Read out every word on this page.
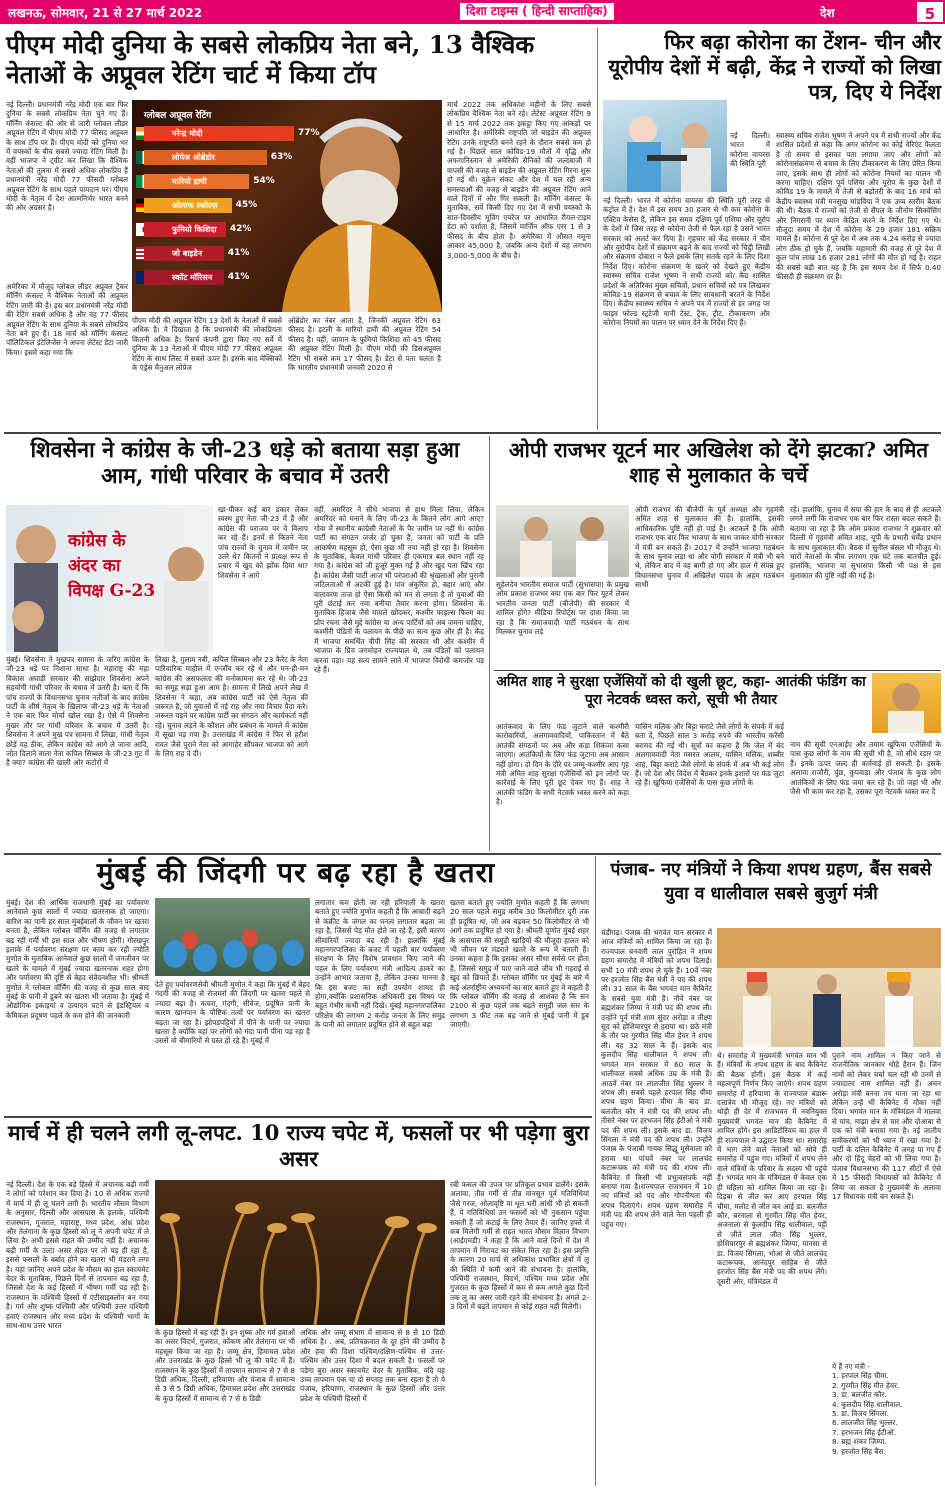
लखनऊ, सोमवार, 21 से 27 मार्च 2022	दिशा टाइम्स ( हिन्दी साप्ताहिक)	देश	5
पीएम मोदी दुनिया के सबसे लोकप्रिय नेता बने, 13 वैश्विक नेताओं के अप्रूवल रेटिंग चार्ट में किया टॉप
नई दिल्ली। प्रधानमंत्री नरेंद्र मोदी एक बार फिर दुनिया के सबसे लोकप्रिय नेता चुने गए हैं। मॉर्निंग कंसल्ट की ओर से जारी ग्लोबल लीडर अप्रूवल रेटिंग में पीएम मोदी 77 फीसद अप्रूवल के साथ टॉप पर हैं। पीएम मोदी को दुनिया भर में वयस्कों के बीच सबसे ज्यादा रेटिंग मिली है। वहीं भाजपा ने ट्वीट कर लिखा कि वैश्विक नेताओं की तुलना में सबसे अधिक लोकप्रिय हैं प्रधानमंत्री नरेंद्र मोदी 77 फीसदी ग्लोबल अप्रूवल रेटिंग के साथ पहले पायदान पर। पीएम मोदी के नेतृत्व में देश आत्मनिर्भर भारत बनने की ओर अग्रसर है।
अमेरिका में मौजूद ग्लोबल लीडर अप्रूवल ट्रैकर मॉर्निंग कंसल्ट ने वैश्विक नेताओं की अप्रूवल रेटिंग जारी की है। इस बार प्रधानमंत्री नरेंद्र मोदी की रेटिंग सबसे अधिक है और वह 77 फीसद अप्रूवल रेटिंग के साथ दुनिया के सबसे लोकप्रिय नेता बने हुए हैं। 18 मार्च को मॉर्निंग कंसल्ट पॉलिटिकल इंटेलिजेंस ने अपना लेटेस्ट डेटा जारी किया। इसमें कहा गया कि
ग्लोबल अप्रूवल रेटिंग
नरेन्द्र मोदी	77%
लोपेज ओब्रेडोर	63%
मारियो द्राघी	54%
ओलाफ स्कोल्ज़	45%
फुमियो किशिदा	42%
जो बाइडेन	41%
स्कॉट मॉरिसन	41%
पीएम मोदी की अप्रूवल रेटिंग 13 देशों के नेताओं में सबसे अधिक है। ये दिखाता है कि प्रधानमंत्री की लोकप्रियता कितनी अधिक है। रिसर्च कंपनी द्वारा किए गए सर्वे में दुनिया के 13 नेताओं में पीएम मोदी 77 फीसद अप्रूवल रेटिंग के साथ लिस्ट में सबसे ऊपर हैं। इसके बाद मेक्सिको के एंड्रेस मैनुअल लोपेज
ओब्रेडोर का नंबर आता है, जिनकी अप्रूवल रेटिंग 63 फीसद है। इटली के मारियो द्राघी की अप्रूवल रेटिंग 54 फीसद है। वहीं, जापान के फुमियो किशिदा को 45 फीसद की अप्रूवल रेटिंग मिली है। पीएम मोदी की डिसअप्रूवल रेटिंग भी सबसे कम 17 फीसद है। डेटा से पता चलता है कि भारतीय प्रधानमंत्री जनवरी 2020 से
मार्च 2022 तक अधिकांश महीनों के लिए सबसे लोकप्रिय वैश्विक नेता बने रहे। लेटेस्ट अप्रूवल रेटिंग 9 से 15 मार्च 2022 तक इकट्ठा किए गए आंकड़ों पर आधारित है। अमेरिकी राष्ट्रपति जो बाइडेन की अप्रूवल रेटिंग उनके राष्ट्रपति बनने रहने के दौरान सबसे कम हो गई है। पिछले साल कोविड-19 मौतों में वृद्धि और अफगानिस्तान से अमेरिकी सैनिकों की जल्दबाजी में वापसी की वजह से बाइडेन की अप्रूवल रेटिंग गिरना शुरू हो गई थी। यूक्रेन संकट और देश में चल रही अन्य समस्याओं की वजह से बाइडेन की अप्रूवल रेटिंग आने वाले दिनों में और गिर सकती है। मॉर्निंग कंसल्ट के मुताबिक, सर्वे किसी दिए गए देश में सभी वयस्कों के सात-दिवसीय मूविंग एवरेज पर आधारित रीयल-टाइम डेटा को दर्शाता है, जिसमें मार्जिन ऑफ एरर 1 से 3 फीसद के बीच होता है। अमेरिका में औसत नमूना आकार 45,000 है, जबकि अन्य देशों में यह लगभग 3,000-5,000 के बीच है।
फिर बढ़ा कोरोना का टेंशन- चीन और यूरोपीय देशों में बढ़ी, केंद्र ने राज्यों को लिखा पत्र, दिए ये निर्देश
नई दिल्ली। भारत में कोरोना वायरस की स्थिति पूरी तरह से कंट्रोल में है। देश में इस समय 30 हजार से भी कम कोरोना के एक्टिव केसेस हैं, लेकिन इस समय दक्षिण पूर्व एशिया और यूरोप के देशों में जिस तरह से कोरोना तेजी से फैल रहा है उसने भारत सरकार को अलर्ट कर दिया है। गृहचार को केंद्र सरकार ने चीन और यूरोपीय देशों में संक्रमण बढ़ने के बाद राज्यों को चिट्ठी लिखी और संक्रमण दोबारा न फैले इसके लिए सतर्क रहने के लिए दिशा निर्देश दिए। कोरोना संक्रमण के खतरे को देखते हुए केंद्रीय स्वास्थ्य सचिव राजेश भूषण ने सभी राज्यों को/ केंद्र शासित प्रदेशों के अतिरिक्त मुख्य सचिवों, प्रधान सचिवों को पत्र लिखकर कोविड-19 संक्रमण से बचाव के लिए सावधानी बरतने के निर्देश दिए। केंद्रीय स्वास्थ्य सचिव ने अपने पत्र में राज्यों से हर जगह पर फाइव फोल्ड स्ट्रटेजी यानी टेस्ट, ट्रैक, ट्रीट, टीकाकरण और कोरोना नियमों का पालन पर ध्यान देने के निर्देश दिए हैं।
नई दिल्ली। भारत में कोरोना वायरस की स्थिति पूरी
स्वास्थ्य सचिव राजेश भूषण ने अपने पत्र में सभी राज्यों और केंद्र शासित प्रदेशों से कहा कि अगर कोरोना का कोई वेरिएंट फैलता है तो समय से इसका पता लगाया जाए और लोगों को कोरोनासंक्रमण से बचाव के लिए टीकाकरण के लिए प्रेरित किया जाए, इसके साथ ही लोगों को कोरोना नियमों का पालन भी करना चाहिए। दक्षिण पूर्व एशिया और यूरोप के कुछ देशों में कोविड 19 के मामले में तेजी से बढ़ोतरी के बाद 16 मार्च को केंद्रीय स्वास्थ्य मंत्री मनसुख मांडविया ने एक उच्च स्तरीय बैठक की थी। बैठक में राज्यों को तेजी से सैंपल के जीनोम सिक्वेंसिंग और निगरानी पर ध्यान केंद्रित करने के निर्देश दिए गए थे। मौजूदा समय में देश में कोरोना के 29 हजार 181 सक्रिय मामले हैं। कोरोना से पूरे देश में अब तक 4.24 करोड़ से ज्यादा लोग ठीक हो चुके हैं, जबकि महामारी की वजह से पूरे देश में कुल पांच लाख 16 हजार 281 लोगों की मौत हो गई है। राहत की सबसे बड़ी बात यह है कि इस समय देश में सिर्फ 0.40 फीसदी ही संक्रमण दर है।
शिवसेना ने कांग्रेस के जी-23 धड़े को बताया सड़ा हुआ आम, गांधी परिवार के बचाव में उतरी
कांग्रेस के
अंदर का
विपक्ष G-23
मुंबई। शिवसेना ने मुखपत्र सामना के जरिए कांग्रेस के जी-23 धड़े पर निशाना साधा है। महाराष्ट्र की महा विकास अघाड़ी सरकार की साझेदार शिवसेना अपने सहयोगी गांधी परिवार के बचाव में उतरी है। बता दें कि पांच राज्यों के विधानसभा चुनाव नतीजों के बाद कांग्रेस पार्टी के शीर्ष नेतृत्व के खिलाफ जी-23 धड़े के नेताओं ने एक बार फिर मोर्चा खोल रखा है। ऐसे में शिवसेना मुखर तौर पर गांधी परिवार के बचाव में उतरी है। शिवसेना ने अपने मुख पत्र सामना में लिखा, गांधी नेतृत्व छोड़ें यह ठीक, लेकिन कांग्रेस को आगे ले जाना आदि, जोत दिलाने वाला नेता कपिल सिब्बल के जी-23 गुट में है क्या? कांग्रेस की खाली ओर कटोरों में
खा-पीकर कई बार डकार लेकर स्वस्थ हुए नेता जी-23 में हैं और कांग्रेस की पराजय पर वे विलाप कर रहे हैं। इनमें से कितने नेता पांच राज्यों के चुनाव में जमीन पर उतरे थे? कितनों ने प्रत्यक्ष रूप से प्रचार में खुद को झोंक दिया था? शिवसेना ने आगे
लिखा है, गुलाम नबी, कपिल सिब्बल और 23 कैरेट के नेता पारिवारिक माहौल में एन्जॉय कर रहे थे और मन-ही-मन कांग्रेस की असफलता की मनोकामना कर रहे थे। जी-23 का समूह सड़ा हुआ आम है। सामना में लिखे अपने लेख में शिवसेना ने कहा, अब कांग्रेस पार्टी को ऐसे नेतृत्व की जरूरत है, जो युवाओं में नई राह और नया विचार पैदा करे। जरूरत पड़ने पर कांग्रेस पार्टी का संगठन और कार्यकर्ता नहीं रहे। चुनाव लड़ने के कौशल और प्रबंधन के मामले में कांग्रेस में सूखा पड़ गया है। उत्तराखंड में कांग्रेस ने फिर से हरीश रावत जैसे पुराने नेता को आगाहेर सौंपकर भाजपा को आगे के लिए राह दे दी।
वहीं, अमरिंदर ने सीधे भाजपा से हाथ मिला लिया, लेकिन अमरिंदर को मनाने के लिए जी-23 के कितने लोग आगे आए? गोवा में स्थानीय कांग्रेसी नेताओं के पैर जमीन पर नहीं थे। कांग्रेस पार्टी का संगठन जर्जर हो चुका है, जनता को पार्टी के प्रति आकर्षण महसूस हो, ऐसा कुछ भी नया नहीं हो रहा है। शिवसेना के मुताबिक, केवल गांधी परिवार ही एकमात्र बल स्थान नहीं रह गया है। कांग्रेस को जी हुजूरे मुक्त गई है और खुद पता खिंच रहा है। कांग्रेस जैसी पार्टी आज भी परंपराओं की श्रृंखलाओं और पुरानी जटिलताओं में अटकी हुई है। पांव अंकुरित हो, बहार आएं और वातावरण ताज हो ऐसा किसी को मन से लगता है तो युवाओं की पूरी छंटाई कर नया बनीचा तैयार करना होगा। शिवसेना के मुताबिक हिजाब जैसे मामले खोदकर, कश्मीर फाइल्स फिल्म का प्रोप रचना जैसे मुद्दे कांग्रेस या अन्य पार्टियों को अब जमना चाहिए, कश्मीरी पंडितों के पलायन के पीछे का सत्य कुछ और ही है। केंद्र में भाजपा समर्थित वीपी सिंह की सरकार थी और कश्मीर में भाजपा के प्रिय जगमोहन राज्यपाल थे, तब पंडितों को पलायन करना पड़ा। यह सत्य सामने लाने में भाजपा विरोधी कमजोर पड़ रहे हैं।
ओपी राजभर यूटर्न मार अखिलेश को देंगे झटका? अमित शाह से मुलाकात के चर्चे
सुहेलदेव भारतीय समाज पार्टी (सुभासपा) के प्रमुख ओम प्रकाश राजभर क्या एक बार फिर यूटर्न लेकर भारतीय जनता पार्टी (बीजेपी) की सरकार में शामिल होंगे? मीडिया रिपोर्ट्स पर दावा किया जा रहा है कि समाजवादी पार्टी गठबंधन के साथ मिलकर चुनाव लड़े
ओपी राजभर की बीजेपी के पूर्व अध्यक्ष और गृहमंत्री अमित शाह से मुलाकात की है। हालांकि, इसकी आधिकारिक पुष्टि नहीं हो पाई है। अटकलें हैं कि ओपी राजभर एक बार फिर भाजपा के साथ जाकर योगी सरकार में मंत्री बन सकते हैं। 2017 में उन्होंने भाजपा गठबंधन के साथ चुनाव लड़ा था और योगी सरकार में मंत्री भी बने थे, लेकिन बाद में वह बागी हो गए और हाल में संपन्न हुए विधानसभा चुनाव में अखिलेश यादव के अहम गठबंधन साथी
रहे। हालांकि, चुनाव में सपा की हार के बाद से ही अटकलें लगने लगीं कि राजभर एक बार फिर रास्ता बदल सकते हैं। बताया जा रहा है कि ओम प्रकाश राजभर ने शुक्रवार को दिल्ली में गृहमंत्री अमित शाह, यूपी के प्रभारी धर्मेंद्र प्रधान के साथ मुलाकात की। बैठक में सुनील बंसल भी मौजूद थे। चारों नेताओं के बीच लगभग एक घंटे तक बातचीत हुई। हालांकि, भाजपा या सुभासपा किसी भी पक्ष से इस मुलाकात की पुष्टि नहीं की गई है।
अमित शाह ने सुरक्षा एजेंसियों को दी खुली छूट, कहा- आतंकी फंडिंग का पूरा नेटवर्क ध्वस्त करो, सूची भी तैयार
आतंकवाद के लिए फंड जुटाने वाले कश्मीरी कारोबारियों, अलगाववादियों, पाकिस्तान में बैठे आतंकी संगठनों पर अब और कड़ा शिकंजा कसा जाएगा। आतंकियों के लिए फंड जुटाना अब आसान नहीं होगा। दो दिन के दौरे पर जम्मू-कश्मीर आए गृह मंत्री अमित शाह सुरक्षा एजेंसियों को इन लोगों पर कार्रवाई के लिए पूरी छूट देकर गए हैं। शाह ने आतंकी फंडिंग के सभी नेटवर्क ध्वस्त करने को कहा है।
यासिन मलिक और बिट्टा कराटे जैसे लोगों के संपर्क में कई बता दें, पिछले साल 3 करोड़ रुपये की भारतीय करेंसी बरामद की गई थी। सूत्रों का कहना है कि जेल में बंद अलगाववादी नेता मसरत आलम, यासिन मलिक, शब्बीर शाह, बिट्टा कराटे जैसे लोगों के संपर्क में अब भी कई लोग हैं। जो देश और विदेश में बैठकर इनके इशारों पर फंड जुटा रहे हैं। खुफिया एजेंसियों के पास कुछ लोगों के
नाम की सूची एनआईए और तमाम खुफिया एजेंसियों के पास कुछ लोगों के नाम की सूची भी है, जो सीधे रडार पर हैं। इनके ऊपर जल्द ही कार्रवाई हो सकती है। इसके अलावा राजौरी, पुंछ, कुपवाड़ा और पंजाब के कुछ लोग आतंकियों के लिए फंड जमा कर रहे हैं। जो जहां भी और जैसे भी काम कर रहा है, उसका पूरा नेटवर्क ध्वस्त कर दें
मुंबई की जिंदगी पर बढ़ रहा है खतरा
मुंबई। देश की आर्थिक राजधानी मुंबई का पर्यावरण आनेवाले कुछ सालों में ज्यादा खतरनाक हो जाएगा। बारिश का पानी हर साल मुंबईवालों के जीवन पर खतरा बनता है, लेकिन ग्लोबल वॉर्मिंग की वजह से लगातार बढ़ रही गर्मी भी इस साल और भीषण होगी। गोरखपुर इलाके में पर्यावरण संरक्षण पर काम कर रही ज्योति मुणोत के मुताबिक आनेवाले कुछ सालों में जनजीवन पर खतरे के मामले में मुंबई ज्यादा खतरनाक शहर होगा और पर्यावरण की दृष्टि से बेहद संवेदनशील भी। श्रीमती मुणोत ने ग्लोबल वॉर्मिंग की वजह से कुछ साल बाद मुंबई के पानी में डूबने का खतरा भी जताया है। मुंबई में औद्योगिक इकाइयां व उत्पादन घटने से इंडस्ट्रियल व केमिकल प्रदूषण पहले के कम होने की जानकारी
देते हुए पर्यावरणसेवी श्रीमती मुणोत ने कहा कि मुंबई में बेहद गंदगी की वजह से रोजमर्रा की जिंदगी पर खतरा पहले से ज्यादा बढ़ा है। कचरा, गंदगी, सीवेज, प्रदूषित पानी के कारण खानपान के पौष्टिक तत्वों पर पर्यावरण का खतरा बढ़ता जा रहा है। झोपड़पट्टियों में पीने के पानी पर ज्यादा खतरा है क्योंकि वहां पर लोगों को गंदा पानी पीना पड़ रहा है उससे वो बीमारियों से ग्रस्त हो रहे हैं। मुंबई में
लगातार कम होती जा रही हरियाली के खतरा बताते हुए ज्योति मुणोत कहती हैं कि आबादी बढ़ने से कंक्रीट के जंगल का घनत्व लगातार बढ़ता जा रहा है, जिससे पेड़ मौत होते जा रहे हैं, इसी कारण सीमांरियों ज्यादा बढ़ रही है। हालांकि मुंबई महानगरपालिका के बजट में पहली बार पर्यावरण संरक्षण के लिए विशेष प्रावधान किए जाने की पहल के लिए पर्यावरण मंत्री आदित्य ठाकरे का उन्होंने आभार जताया है, लेकिन उनका मानना है कि इस बजट का सही उपयोग शायद ही होगा,क्योंकि प्रशासनिक अधिकारी इस विषय पर बहुत गंभीर कभी नहीं दिखे। मुंबई महानगरपालिका परिक्षेत्र की लगभग 2 करोड़ जनता के लिए समुद्र के पानी को लगातार प्रदूषित होने से बहुत बड़ा
खतरा बताते हुए ज्योति मुणोत कहती हैं कि लगभग 20 साल पहले समुद्र करीब 30 किलोमीटर दूरी तक ही प्रदूषित था, जो अब बढ़कर 50 किलोमीटर से भी आगे तक प्रदूषित हो गया है। श्रीमती मुणोत मुंबई शहर के आसपास की समुद्री खाड़ियों की मौजूदा हालत को भी जीवन पर मंडराते खतरे के रूप में बताती हैं। उनका कहना है कि इसका असर सीधा सर्वसे पर होता है, जिससे समुद्र में पाए जाने वाले जीव भी गहराई से खुद को छिपाते हैं। ग्लोबल वॉर्मिंग पर मुंबई के बारे में कई अंतर्राष्ट्रीय अध्ययनों का सार बताते हुए वे कहती हैं कि ग्लोबल वॉर्मिंग की वजह से आशंका है कि सन 2100 से कुछ पहले तक बढ़ते समुद्री जल स्तर के लगभग 3 फीट तक बढ़ जाने से मुंबई पानी में डूब जाएगी।
पंजाब- नए मंत्रियों ने किया शपथ ग्रहण, बैंस सबसे युवा व धालीवाल सबसे बुजुर्ग मंत्री
चंडीगढ़। पंजाब की भगवंत मान सरकार में आज मंत्रियों को शामिल किया जा रहा है। राज्यपाल बनवारी लाल पुरोहित ने शपथ ग्रहण समारोह में मंत्रियों को शपथ दिलाई। सभी 10 मंत्री शपथ ले चुके हैं। 10वें नंबर पर हरजोत सिंह बैंस मंत्री ने पद की शपथ ली। 31 साल के बैंस भगवंत मान कैबिनेट के सबसे युवा मंत्री हैं। नौवें नंबर पर ब्रह्मशंकर जिम्पा ने मंत्री पद की शपथ ली। उन्होंने पूर्व मंत्री शाम सुंदर अरोड़ा व तीक्ष्ण सूद को होशियारपुर से हराया था। छठे मंत्री के तौर पर गुरमीत सिंह मीत हेयर ने शपथ ली। वह 32 साल के हैं। इसके बाद कुलदीप सिंह धालीवाल ने शपथ ली। भगवंत मान सरकार में 60 साल के धालीवाल सबसे अधिक उम्र के मंत्री हैं। आठवें नंबर पर लालजीत सिंह भुल्लर ने शपथ ली। सबसे पहले हरपाल सिंह चीमा शपथ ग्रहण किया। चीमा के बाद डा. बलजीत कौर ने मंत्री पद की शपथ ली। तीसरे नंबर पर हरभजन सिंह ईटीओ ने मंत्री पद की शपथ ली। इसके बाद डा. विजय सिंगला ने मंत्री पद की शपथ ली। उन्होंने पंजाब के पंजाबी गायक सिद्धू मूसेवाला को हराया था। पांचवें नंबर पर लालचंद कटारूचक को मंत्री पद की शपथ ली। कैबिनेट में किसी भी प्रभुत्वसंपर्क नहीं बनाया गया है।राज्यपाल राजभवन में 10 नए मंत्रियों को पद और गोपनीयता की शपथ दिलाएंगे। शपथ ग्रहण समारोह में मंत्री पद की शपथ लेने वाले नेता पहली ही पहुंच गए।
थे। समारोह में मुख्यमंत्री भगवंत मान भी हैं। मंत्रियों के शपथ ग्रहण के बाद कैबिनेट की बैठक होगी। इस बैठक में कई महत्वपूर्ण निर्णय किए जाएंगे। शपथ ग्रहण समारोह में हरियाणा के राज्यपाल बंडारू दत्तात्रेय भी मौजूद रहे। नए मंत्रियों को थोड़ी ही देर में राजभवन में नवनियुक्त मुख्यमंत्री भगवंत मान की कैबिनेट में शामिल होंगे। इस आडिटोरियम का हाल में ही राज्यपाल ने उद्घाटन किया था। समारोह में भाग लेने वाले नेताओं को सोवे ही समारोह में पहुंच गए। मंत्रियों में शपथ लेने वाले मंत्रियों के परिवार के सदस्य भी पहुंचे हैं। भगवंत मान के मंत्रिमंडल में केवल एक ही महिला को शामिल किया जा रहा है। दिड़बा से जीत कर आए हरपाल सिंह चीमा, मलोट से जीत कर आई डा. बलजीत कौर, बरनाला से गुरमीत सिंह मीत हेयर, अजनाला से कुलदीप सिंह धालीवाल, पट्टी से जीते लाल जीत सिंह भुल्लर, होशियारपुर से ब्रह्मशंकर जिम्पा, मानसा से डा. विजय सिंगला, भोआ से जीते लालचंद कटारूचक, आनंदपुर साहिब से जीते हरजोत सिंह बैंस मंत्री पद की शपथ लेंगे। दूसरी ओर, मंत्रिमंडल में
पुराने नाम शामिल न किए जाने से राजनीतिक जानकार थोड़े हैरान हैं। जिन नामों को लेकर चर्चा चल रही थी उनमें से ज्यादातर नाम शामिल नहीं हैं। अमन अरोड़ा मंत्री बनना तय माना जा रहा था लेकिन उन्हें भी कैबिनेट में मौका नहीं दिया। भगवंत मान के मंत्रिमंडल में मालवा से पांच, माझा क्षेत्र से चार और दोआबा से एक को मंत्री बनाया गया है। नई जातीय समीकरणों को भी ध्यान में रखा गया है। पार्टी के दलित कैबिनेट में जगह पा गए हैं और दो हिंदू चेहरों को भी लिया गया है। पंजाब विधानसभा की 117 सीटों में ऐसे में 15 फीसदी विधायकों को कैबिनेट में लिया जा सकता है मुख्यमंत्री के अलावा 17 विधायक मंत्री बन सकते हैं।
ये हैं नए मंत्री -
1. हरपाल सिंह चीमा.
2. गुरमीत सिंह मीत हेयर.
3. डा. बलजीत कौर.
4. कुलदीप सिंह धालीवाल.
5. डा. विजय सिंगला.
6. लालजीत सिंह भुल्लर.
7. हरभजन सिंह ईटीओ.
8. ब्रह्म शंकर जिम्पा.
9. हरजोत सिंह बैंस.
मार्च में ही चलने लगी लू-लपट. 10 राज्य चपेट में, फसलों पर भी पड़ेगा बुरा असर
नई दिल्ली। देश के एक बड़े हिस्से में अचानक बढ़ी गर्मी ने लोगों को परेशान कर दिया है। 10 से अधिक राज्यों में मार्च में ही लू चलने लगी है। भारतीय मौसम विभाग के अनुसार, दिल्ली और आसपास के इलाके, पश्चिमी राजस्थान, गुजरात, महाराष्ट्र, मध्य प्रदेश, आंध्र प्रदेश और तेलंगाना के कुछ हिस्सों को लू ने अपनी चपेट में ले लिया है। अभी इससे राहत की उम्मीद नहीं है। अचानक बढ़ी गर्मी के उल्टा असर सेहत पर तो पड़ ही रहा है, इससे फसलों के बर्बाद होने का खतरा भी मंडराने लगा है। यहां जानिए अपने प्रदेश के मौसम का हाल स्कायमेट वेदर के मुताबिक, पिछले दिनों से तापमान बढ़ रहा है, जिससे देश के कई हिस्सों में भीषण गर्मी पड़ रही है। राजस्थान के पश्चिमी हिस्सों में एंटीसाइक्लोन बन गया है। गर्म और शुष्क पश्चिमी और पश्चिमी उत्तर पश्चिमी हवाएं राजस्थान और मध्य प्रदेश के पश्चिमी भागों के साथ-साथ उत्तर भारत
के कुछ हिस्सों में बह रही हैं। इन शुष्क और गर्म हवाओं का असर विदर्भ, गुजरात, कोंकण और तेलंगाना पर भी महसूस किया जा रहा है। जम्मू क्षेत्र, हिमाचल प्रदेश और उत्तराखंड के कुछ हिस्से भी लू की चपेट में हैं। राजस्थान के कुछ हिस्सों में तापमान सामान्य से 7 से 8 डिग्री अधिक, दिल्ली, हरियाणा और पंजाब में सामान्य से 3 से 5 डिग्री अधिक, हिमाचल प्रदेश और उत्तराखंड के कुछ हिस्सों में सामान्य से 7 से 6 डिग्री
अधिक और जम्मू संभाग में सामान्य से 8 से 10 डिग्री अधिक है। . अब, प्रतिचक्रवात के दूर होने की उम्मीद है और हवा की दिशा पश्चिम/दक्षिण-पश्चिम से उत्तर-पश्चिम और उत्तर दिशा में बदल सकती है। फसलों पर पड़ेगा बुरा असर स्कायमेट वेदर के मुताबिक, यदि यह उच्च तापमान एक या दो सप्ताह तक बना रहता है तो ये पंजाब, हरियाणा, राजस्थान के कुछ हिस्सों और उत्तर प्रदेश के पश्चिमी हिस्सों में
रबी फसल की उपज पर प्रतिकूल प्रभाव डालेंगे। इसके अलावा, तीव्र गर्मी से तीव्र मानसून पूर्व गतिविधियां जैसे गरज, ओलावृष्टि या धूल भरी आंधी भी हो सकती हैं, ये गतिविधियां उन फसलों को भी नुकसान पहुंचा सकती हैं जो कटाई के लिए तैयार हैं। जानिए हफ्ते में कब मिलेगी गर्मी से राहत भारत मौसम विज्ञान विभाग (आईएमडी) ने कहा है कि आने वाले दिनों में देश में तापमान में गिरावट का संकेत मिल रहा है। इस प्रवृत्ति के कारण 20 मार्च से अधिकांश प्रभावित क्षेत्रों में लू की स्थिति में कमी आने की संभावना है। हालांकि, पश्चिमी राजस्थान, विदर्भ, पश्चिम मध्य प्रदेश और गुजरात के कुछ हिस्सों में कम से कम अगले कुछ दिनों तक लू का असर जारी रहने की संभावना है। अगले 2-3 दिनों में बढ़ते तापमान से कोई राहत नहीं मिलेगी।
